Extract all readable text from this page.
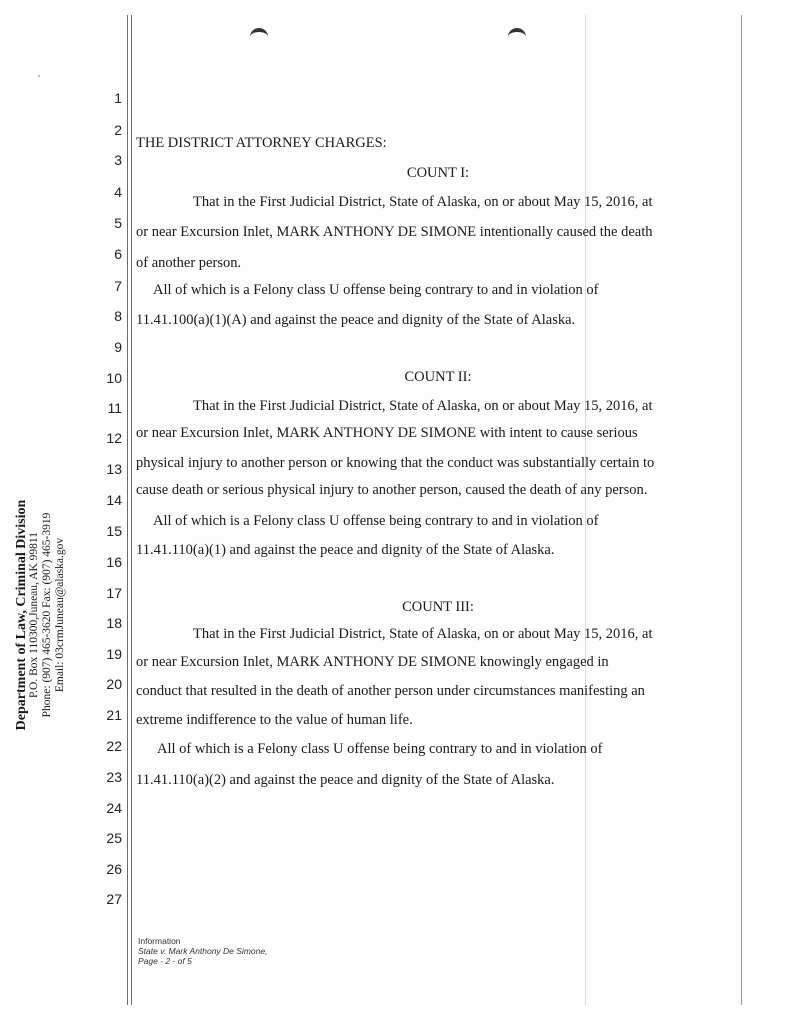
1
2
3
4
5
6
7
8
9
10
11
12
13
14
15
16
17
18
19
20
21
22
23
24
25
26
27
Department of Law, Criminal Division P.O. Box 110300,Juneau, AK 99811 Phone: (907) 465-3620 Fax: (907) 465-3919 Email: 03crmJuneau@alaska.gov
THE DISTRICT ATTORNEY CHARGES:
COUNT I:
That in the First Judicial District, State of Alaska, on or about May 15, 2016, at
or near Excursion Inlet, MARK ANTHONY DE SIMONE intentionally caused the death
of another person.
All of which is a Felony class U offense being contrary to and in violation of
11.41.100(a)(1)(A) and against the peace and dignity of the State of Alaska.
COUNT II:
That in the First Judicial District, State of Alaska, on or about May 15, 2016, at
or near Excursion Inlet, MARK ANTHONY DE SIMONE with intent to cause serious
physical injury to another person or knowing that the conduct was substantially certain to
cause death or serious physical injury to another person, caused the death of any person.
All of which is a Felony class U offense being contrary to and in violation of
11.41.110(a)(1) and against the peace and dignity of the State of Alaska.
COUNT III:
That in the First Judicial District, State of Alaska, on or about May 15, 2016, at
or near Excursion Inlet, MARK ANTHONY DE SIMONE knowingly engaged in
conduct that resulted in the death of another person under circumstances manifesting an
extreme indifference to the value of human life.
All of which is a Felony class U offense being contrary to and in violation of
11.41.110(a)(2) and against the peace and dignity of the State of Alaska.
Information
State v. Mark Anthony De Simone,
Page - 2 - of 5
